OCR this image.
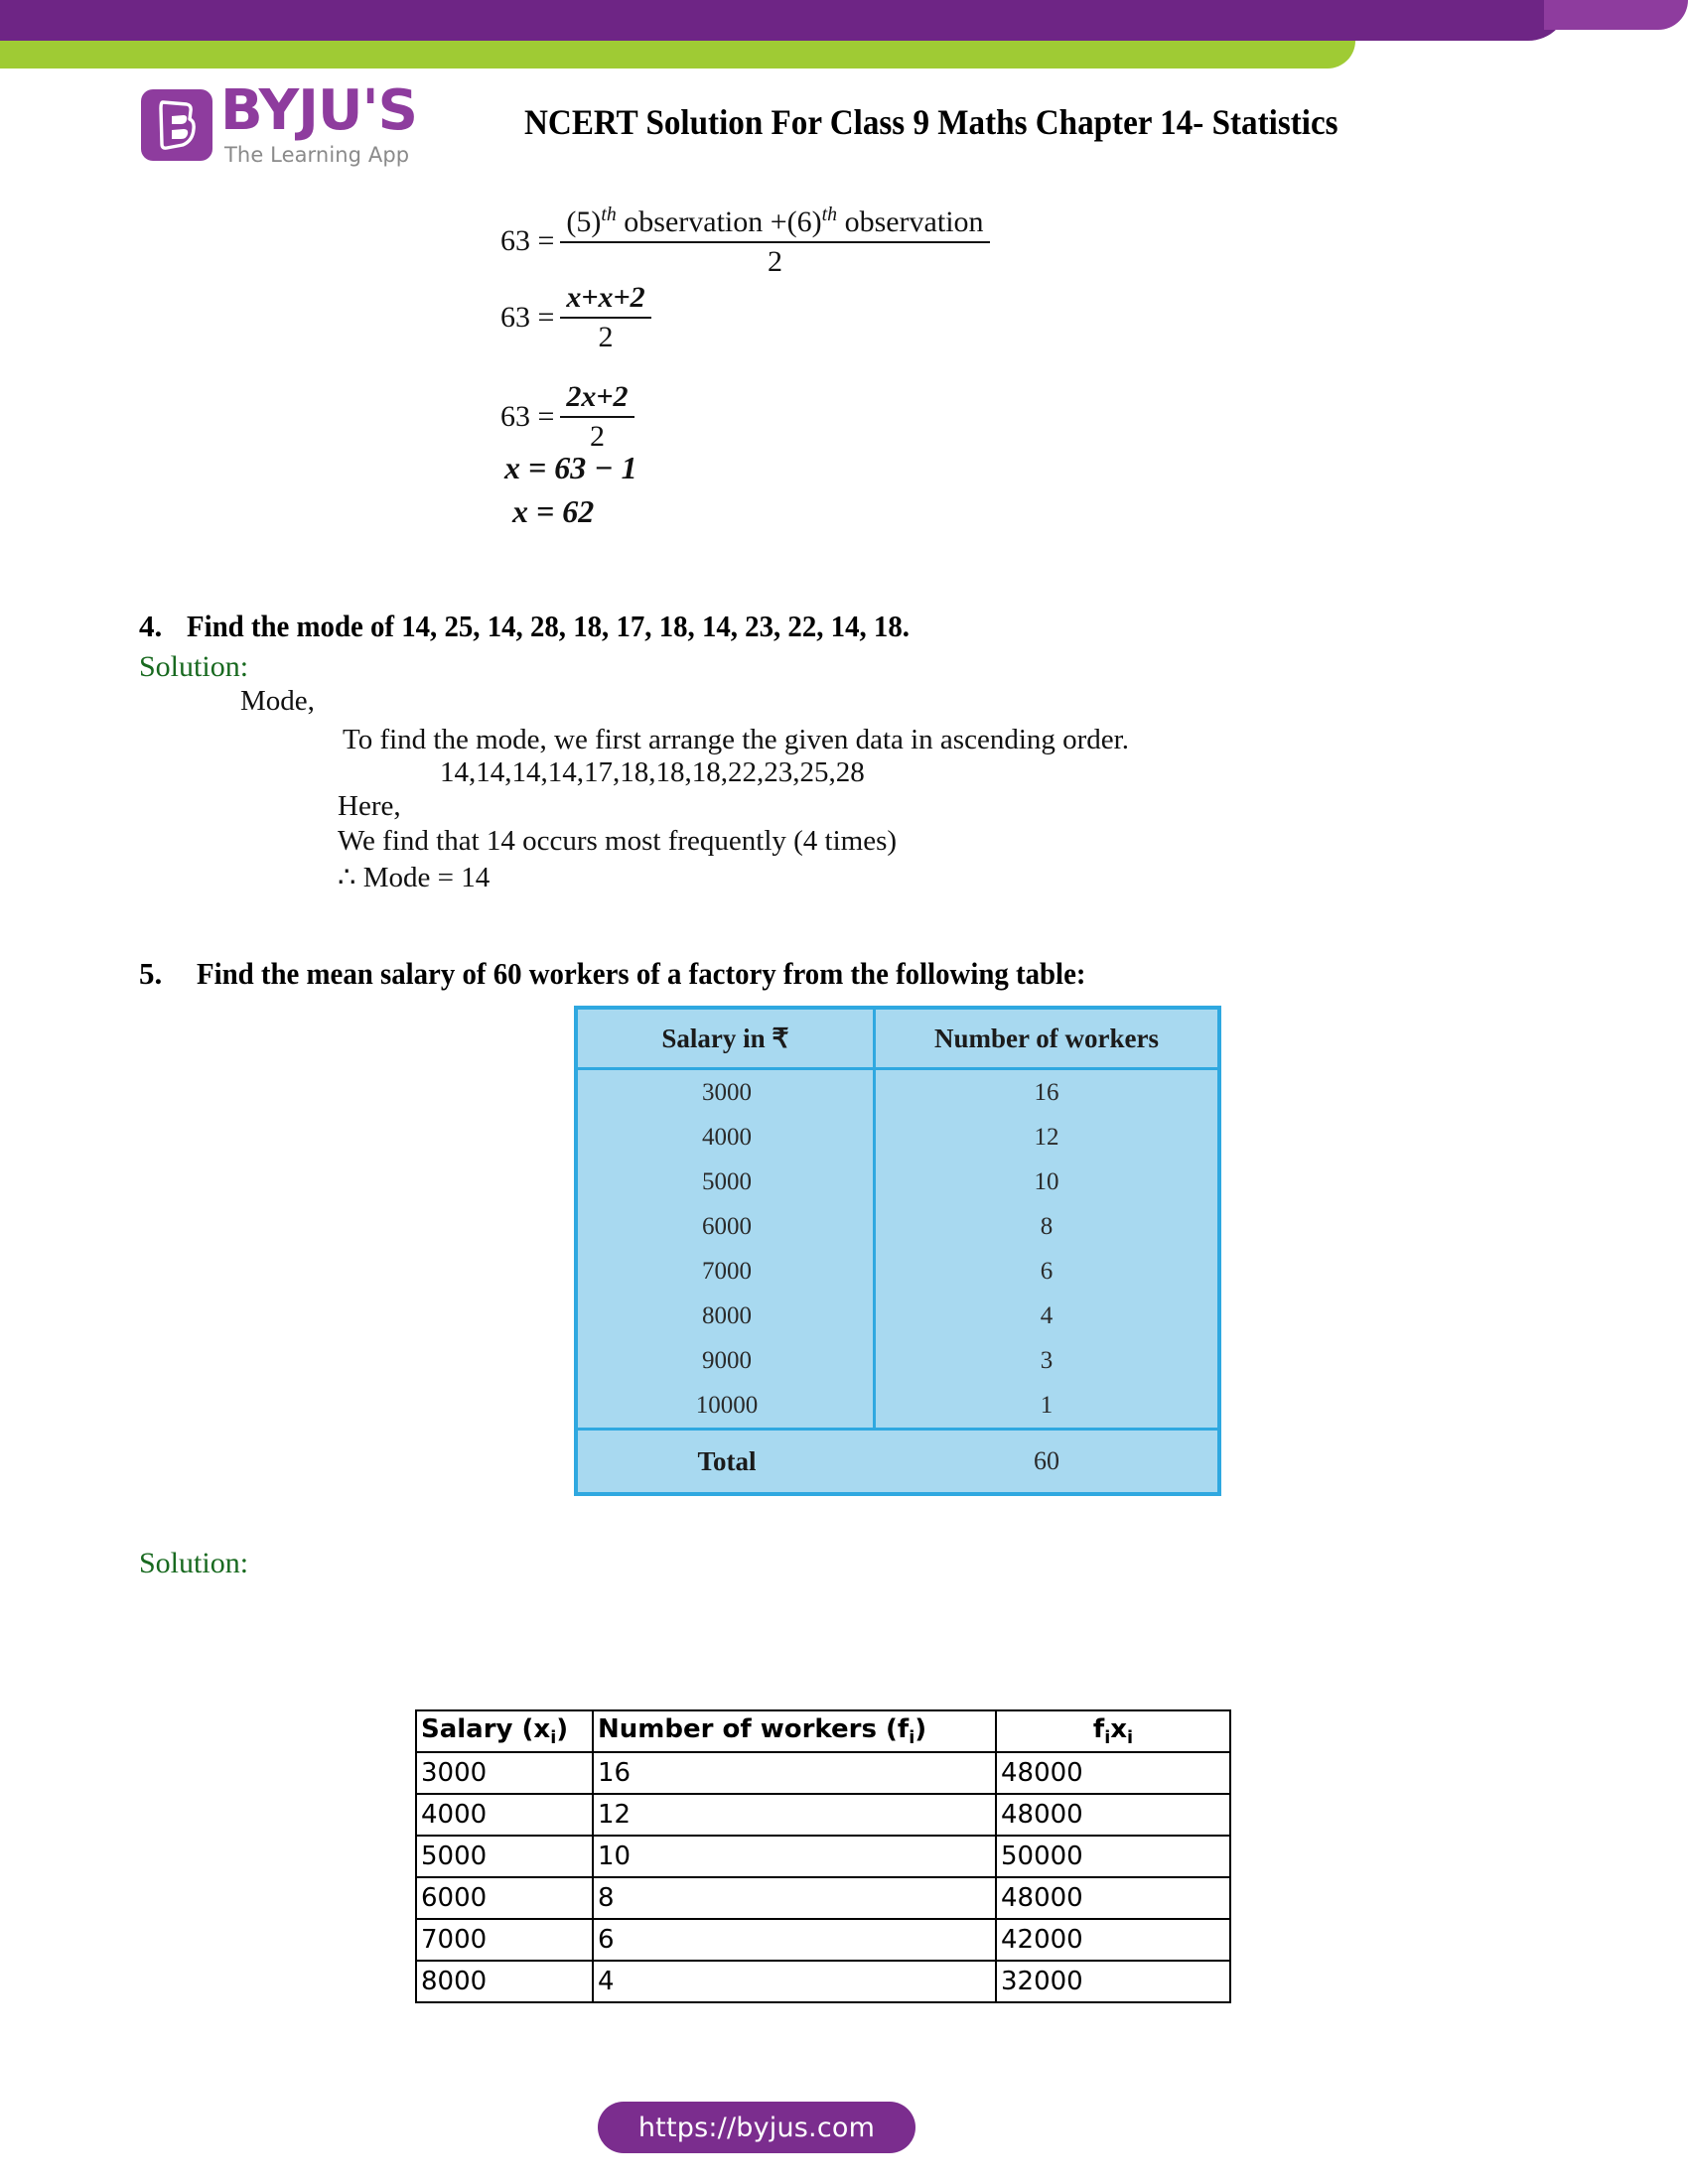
BYJU'S
The Learning App
NCERT Solution For Class 9 Maths Chapter 14- Statistics
$63 = \frac{(5)^{th} observation +(6)^{th} observation}{2}$
$63 = \frac{x+x+2}{2}$
$63 = \frac{2x+2}{2}$
x = 63 − 1
x = 62
4. Find the mode of 14, 25, 14, 28, 18, 17, 18, 14, 23, 22, 14, 18.
Solution:
Mode,
To find the mode, we first arrange the given data in ascending order.
14,14,14,14,17,18,18,18,22,23,25,28
Here,
We find that 14 occurs most frequently (4 times)
∴ Mode = 14
5. Find the mean salary of 60 workers of a factory from the following table:
Salary in ₹	Number of workers
3000	16
4000	12
5000	10
6000	8
7000	6
8000	4
9000	3
10000	1
Total	60
Solution:
Salary $(x_i)$	Number of workers $(f_i)$	$f_ix_i$
3000	16	48000
4000	12	48000
5000	10	50000
6000	8	48000
7000	6	42000
8000	4	32000
https://byjus.com
